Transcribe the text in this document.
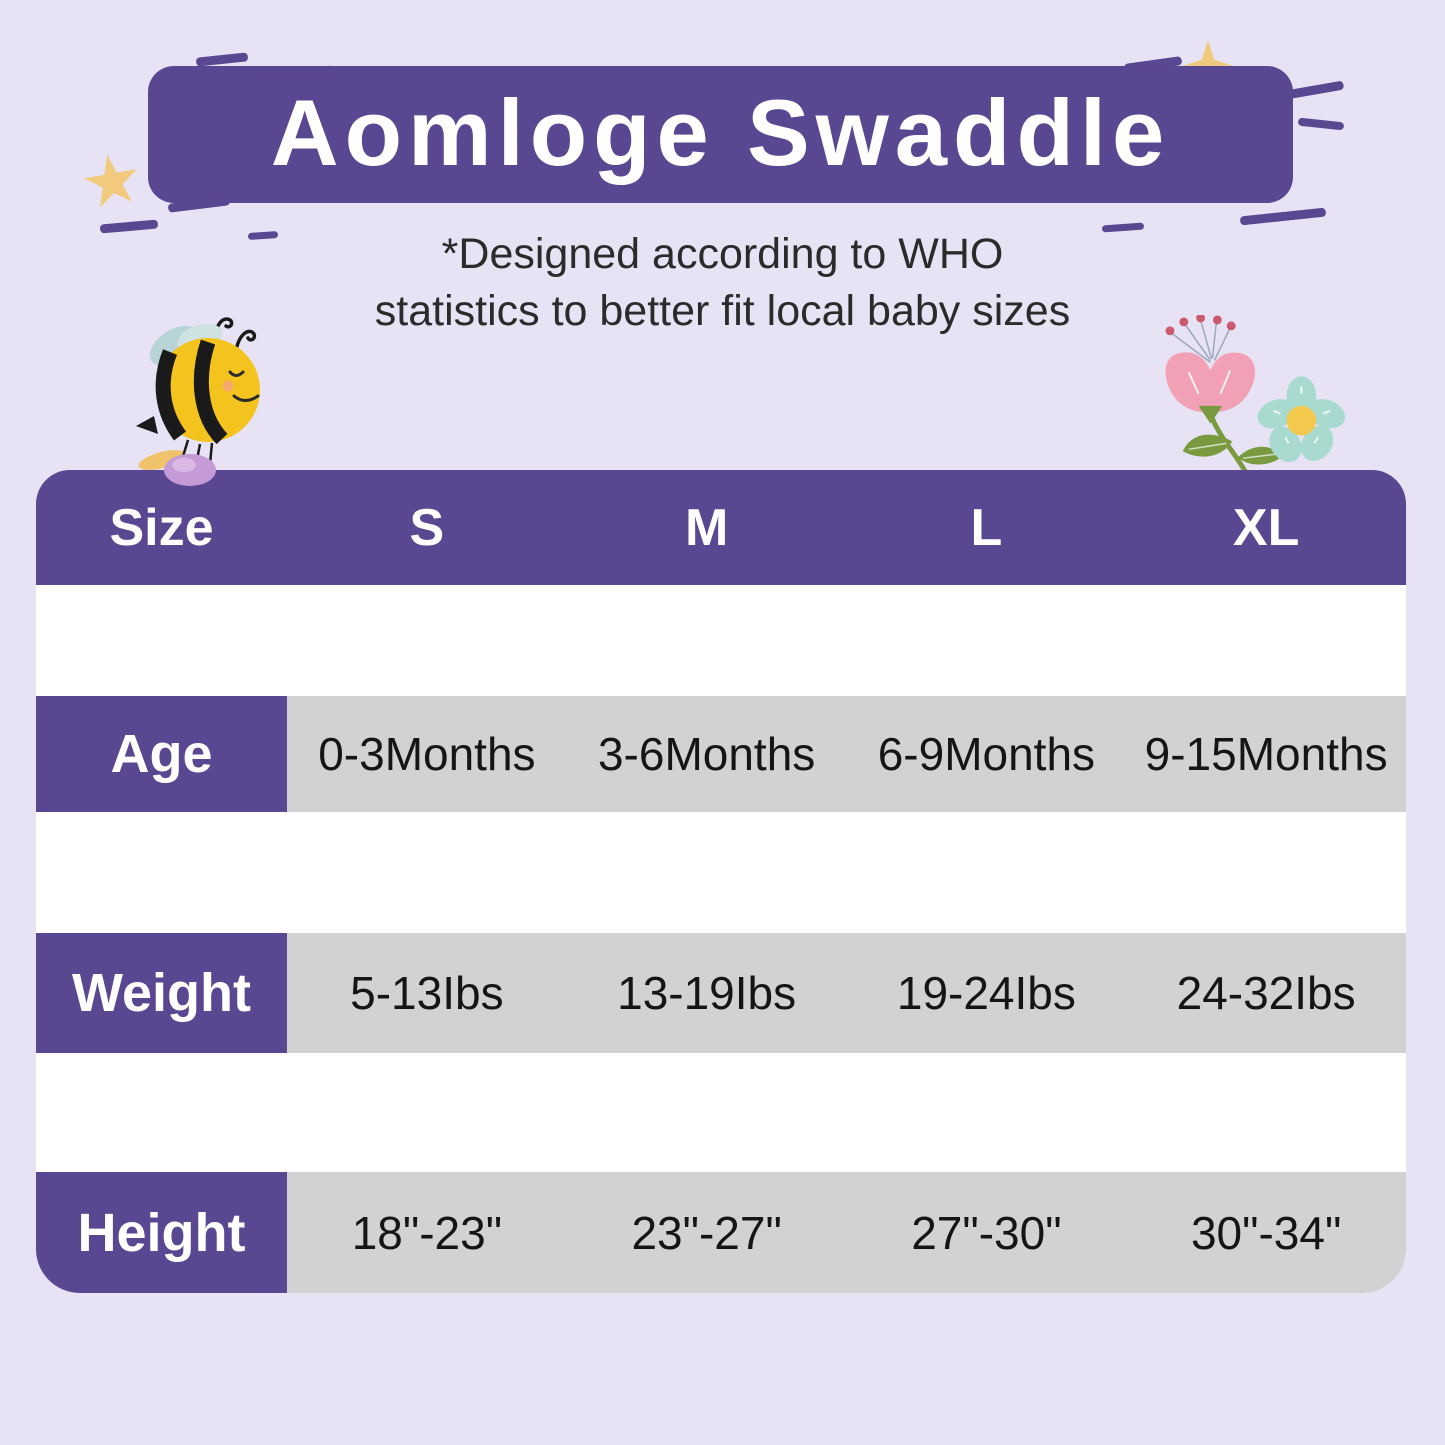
Aomloge Swaddle
*Designed according to WHO
statistics to better fit local baby sizes
Size	S	M	L	XL
Age	0-3Months	3-6Months	6-9Months	9-15Months
Weight	5-13Ibs	13-19Ibs	19-24Ibs	24-32Ibs
Height	18"-23"	23"-27"	27"-30"	30"-34"
